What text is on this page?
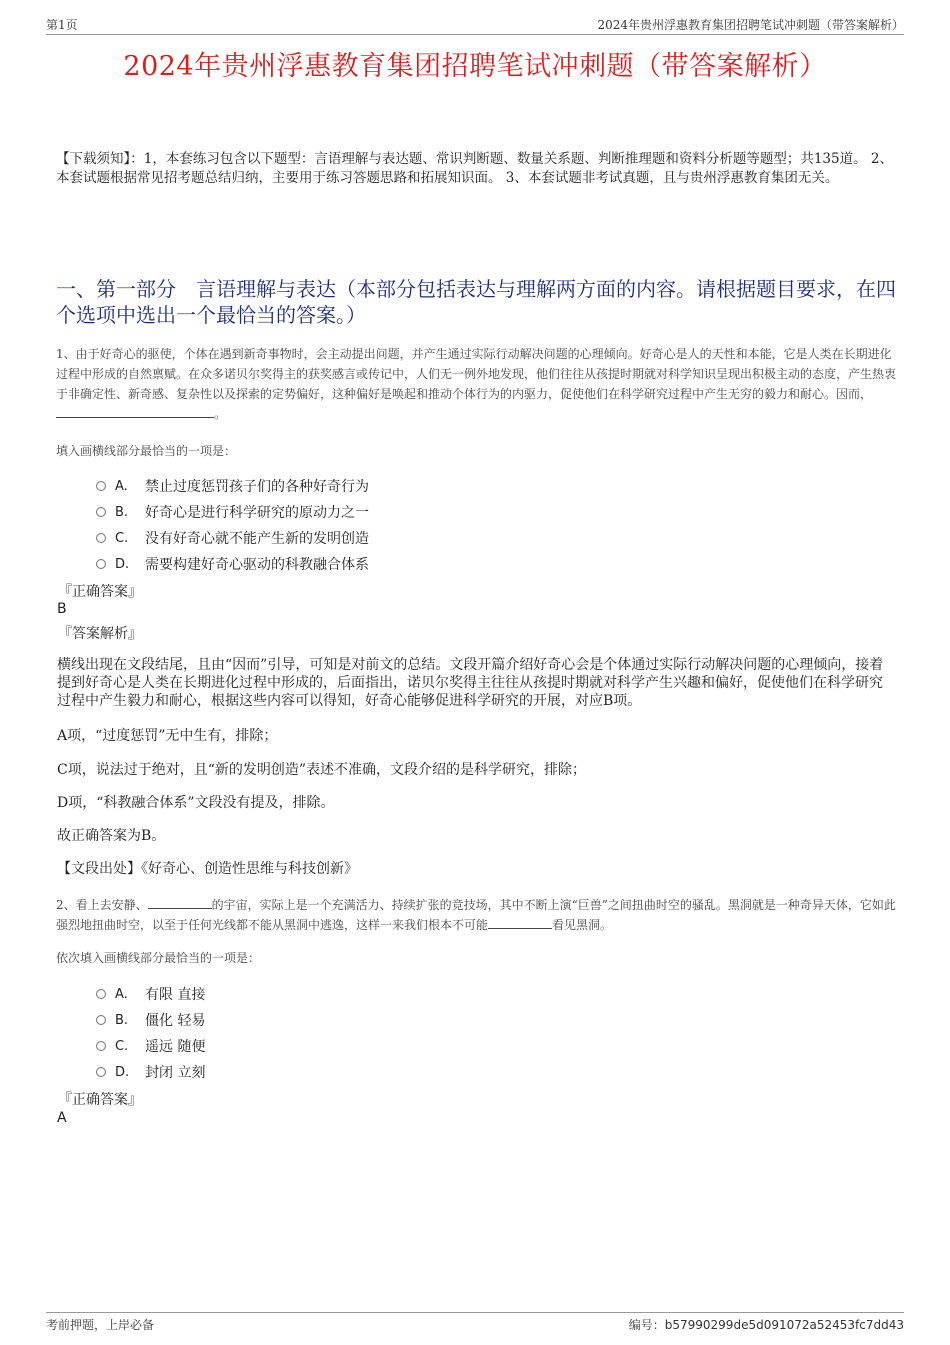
第1页	2024年贵州浮惠教育集团招聘笔试冲刺题（带答案解析）
2024年贵州浮惠教育集团招聘笔试冲刺题（带答案解析）
【下载须知】：1，本套练习包含以下题型：言语理解与表达题、常识判断题、数量关系题、判断推理题和资料分析题等题型；共135道。 2、本套试题根据常见招考题总结归纳，主要用于练习答题思路和拓展知识面。 3、本套试题非考试真题，且与贵州浮惠教育集团无关。
一、第一部分　言语理解与表达（本部分包括表达与理解两方面的内容。请根据题目要求，在四个选项中选出一个最恰当的答案。）
1、由于好奇心的驱使，个体在遇到新奇事物时，会主动提出问题，并产生通过实际行动解决问题的心理倾向。好奇心是人的天性和本能，它是人类在长期进化过程中形成的自然禀赋。在众多诺贝尔奖得主的获奖感言或传记中，人们无一例外地发现，他们往往从孩提时期就对科学知识呈现出积极主动的态度，产生热衷于非确定性、新奇感、复杂性以及探索的定势偏好，这种偏好是唤起和推动个体行为的内驱力，促使他们在科学研究过程中产生无穷的毅力和耐心。因而，。
填入画横线部分最恰当的一项是：
A.	禁止过度惩罚孩子们的各种好奇行为
B.	好奇心是进行科学研究的原动力之一
C.	没有好奇心就不能产生新的发明创造
D.	需要构建好奇心驱动的科教融合体系
『正确答案』
B
『答案解析』
横线出现在文段结尾，且由“因而”引导，可知是对前文的总结。文段开篇介绍好奇心会是个体通过实际行动解决问题的心理倾向，接着提到好奇心是人类在长期进化过程中形成的，后面指出，诺贝尔奖得主往往从孩提时期就对科学产生兴趣和偏好，促使他们在科学研究过程中产生毅力和耐心，根据这些内容可以得知，好奇心能够促进科学研究的开展，对应B项。
A项，“过度惩罚”无中生有，排除；
C项，说法过于绝对，且“新的发明创造”表述不准确，文段介绍的是科学研究，排除；
D项，“科教融合体系”文段没有提及，排除。
故正确答案为B。
【文段出处】《好奇心、创造性思维与科技创新》
2、看上去安静、	的宇宙，实际上是一个充满活力、持续扩张的竞技场，其中不断上演“巨兽”之间扭曲时空的骚乱。黑洞就是一种奇异天体，它如此强烈地扭曲时空，以至于任何光线都不能从黑洞中逃逸，这样一来我们根本不可能	看见黑洞。
依次填入画横线部分最恰当的一项是：
A.	有限 直接
B.	僵化 轻易
C.	遥远 随便
D.	封闭 立刻
『正确答案』
A
考前押题，上岸必备	编号：b57990299de5d091072a52453fc7dd43
